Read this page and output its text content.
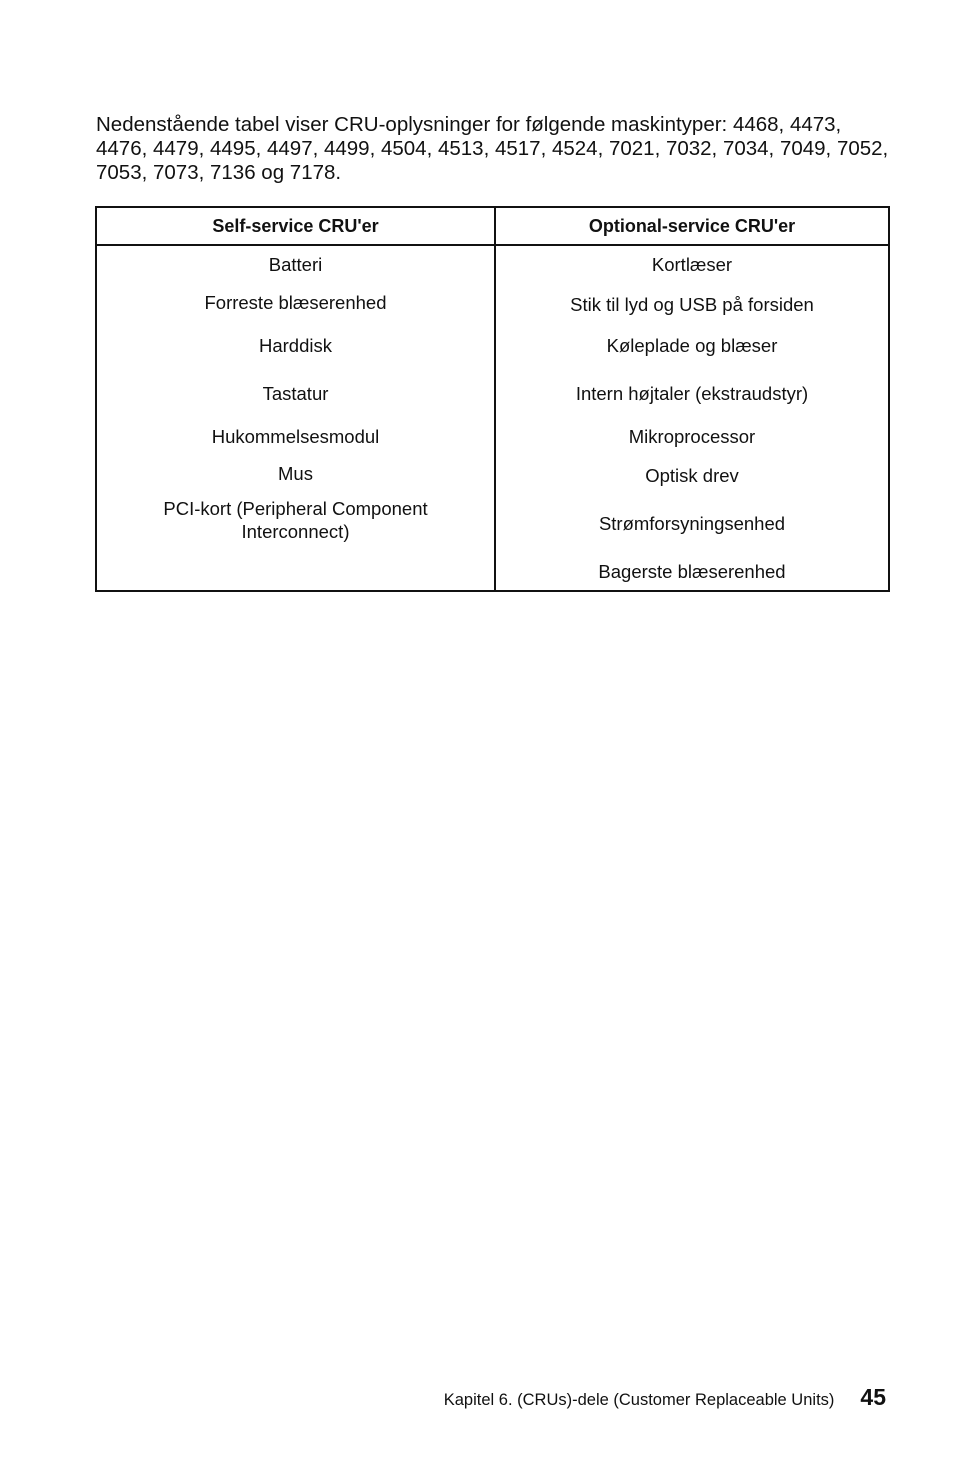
Nedenstående tabel viser CRU-oplysninger for følgende maskintyper: 4468, 4473, 4476, 4479, 4495, 4497, 4499, 4504, 4513, 4517, 4524, 7021, 7032, 7034, 7049, 7052, 7053, 7073, 7136 og 7178.

Self-service CRU'er	Optional-service CRU'er
Batteri	Kortlæser
Forreste blæserenhed	Stik til lyd og USB på forsiden
Harddisk	Køleplade og blæser
Tastatur	Intern højtaler (ekstraudstyr)
Hukommelsesmodul	Mikroprocessor
Mus	Optisk drev

PCI-kort (Peripheral Component Interconnect)	Strømforsyningsenhed
	Bagerste blæserenhed
Kapitel 6. (CRUs)-dele (Customer Replaceable Units) 45
